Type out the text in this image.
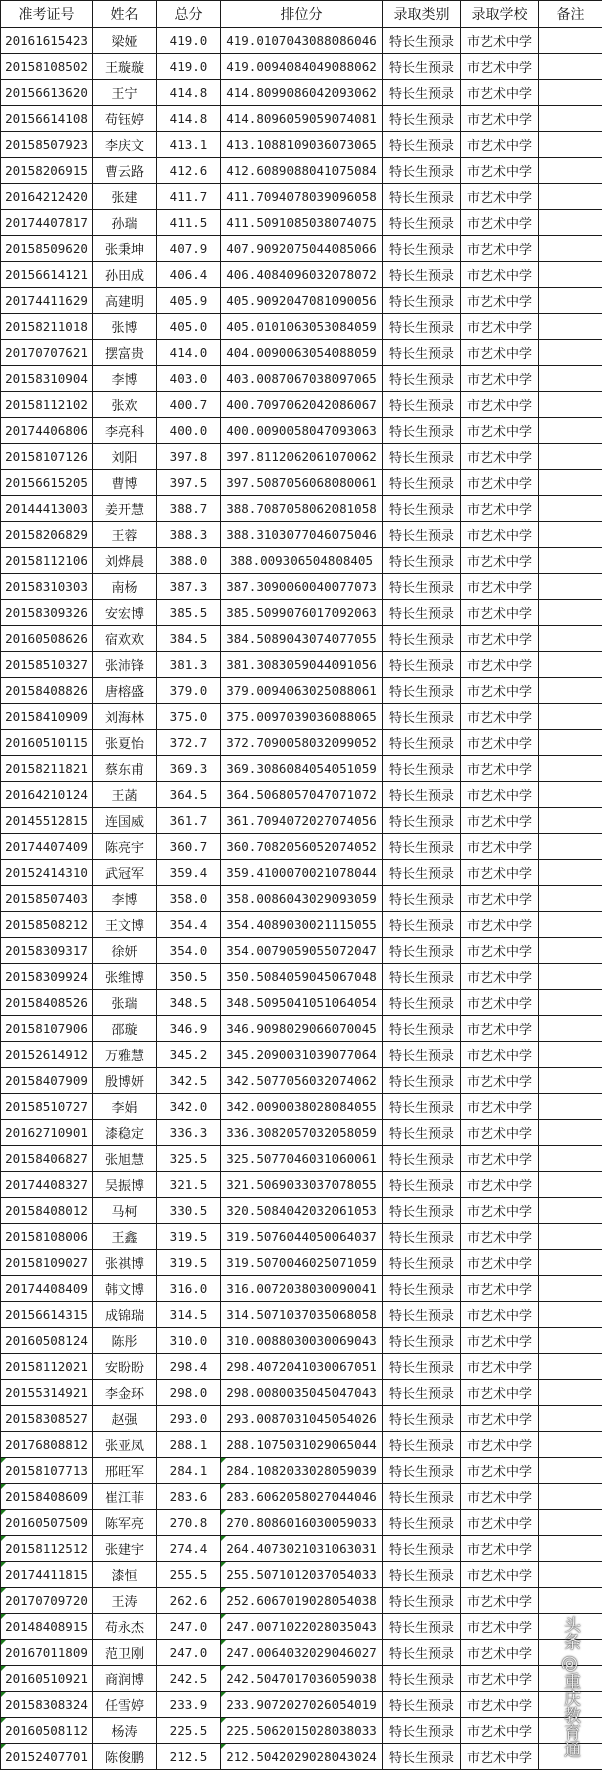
准考证号	姓名	总分	排位分	录取类别	录取学校	备注
20161615423	梁娅	419.0	419.0107043088086046	特长生预录	市艺术中学	
20158108502	王璇璇	419.0	419.0094084049088062	特长生预录	市艺术中学	
20156613620	王宁	414.8	414.8099086042093062	特长生预录	市艺术中学	
20156614108	苟钰婷	414.8	414.8096059059074081	特长生预录	市艺术中学	
20158507923	李庆文	413.1	413.1088109036073065	特长生预录	市艺术中学	
20158206915	曹云路	412.6	412.6089088041075084	特长生预录	市艺术中学	
20164212420	张建	411.7	411.7094078039096058	特长生预录	市艺术中学	
20174407817	孙瑞	411.5	411.5091085038074075	特长生预录	市艺术中学	
20158509620	张秉坤	407.9	407.9092075044085066	特长生预录	市艺术中学	
20156614121	孙田成	406.4	406.4084096032078072	特长生预录	市艺术中学	
20174411629	高建明	405.9	405.9092047081090056	特长生预录	市艺术中学	
20158211018	张博	405.0	405.0101063053084059	特长生预录	市艺术中学	
20170707621	摆富贵	414.0	404.0090063054088059	特长生预录	市艺术中学	
20158310904	李博	403.0	403.0087067038097065	特长生预录	市艺术中学	
20158112102	张欢	400.7	400.7097062042086067	特长生预录	市艺术中学	
20174406806	李亮科	400.0	400.0090058047093063	特长生预录	市艺术中学	
20158107126	刘阳	397.8	397.8112062061070062	特长生预录	市艺术中学	
20156615205	曹博	397.5	397.5087056068080061	特长生预录	市艺术中学	
20144413003	姜开慧	388.7	388.7087058062081058	特长生预录	市艺术中学	
20158206829	王蓉	388.3	388.3103077046075046	特长生预录	市艺术中学	
20158112106	刘烨晨	388.0	388.009306504808405	特长生预录	市艺术中学	
20158310303	南杨	387.3	387.3090060040077073	特长生预录	市艺术中学	
20158309326	安宏博	385.5	385.5099076017092063	特长生预录	市艺术中学	
20160508626	宿欢欢	384.5	384.5089043074077055	特长生预录	市艺术中学	
20158510327	张沛锋	381.3	381.3083059044091056	特长生预录	市艺术中学	
20158408826	唐榕盛	379.0	379.0094063025088061	特长生预录	市艺术中学	
20158410909	刘海林	375.0	375.0097039036088065	特长生预录	市艺术中学	
20160510115	张夏怡	372.7	372.7090058032099052	特长生预录	市艺术中学	
20158211821	蔡东甫	369.3	369.3086084054051059	特长生预录	市艺术中学	
20164210124	王菡	364.5	364.5068057047071072	特长生预录	市艺术中学	
20145512815	连国威	361.7	361.7094072027074056	特长生预录	市艺术中学	
20174407409	陈亮宇	360.7	360.7082056052074052	特长生预录	市艺术中学	
20152414310	武冠军	359.4	359.4100070021078044	特长生预录	市艺术中学	
20158507403	李博	358.0	358.0086043029093059	特长生预录	市艺术中学	
20158508212	王文博	354.4	354.4089030021115055	特长生预录	市艺术中学	
20158309317	徐妍	354.0	354.0079059055072047	特长生预录	市艺术中学	
20158309924	张维博	350.5	350.5084059045067048	特长生预录	市艺术中学	
20158408526	张瑞	348.5	348.5095041051064054	特长生预录	市艺术中学	
20158107906	邵璇	346.9	346.9098029066070045	特长生预录	市艺术中学	
20152614912	万雅慧	345.2	345.2090031039077064	特长生预录	市艺术中学	
20158407909	殷博妍	342.5	342.5077056032074062	特长生预录	市艺术中学	
20158510727	李娟	342.0	342.0090038028084055	特长生预录	市艺术中学	
20162710901	漆稳定	336.3	336.3082057032058059	特长生预录	市艺术中学	
20158406827	张旭慧	325.5	325.5077046031060061	特长生预录	市艺术中学	
20174408327	吴振博	321.5	321.5069033037078055	特长生预录	市艺术中学	
20158408012	马柯	330.5	320.5084042032061053	特长生预录	市艺术中学	
20158108006	王鑫	319.5	319.5076044050064037	特长生预录	市艺术中学	
20158109027	张祺博	319.5	319.5070046025071059	特长生预录	市艺术中学	
20174408409	韩文博	316.0	316.0072038030090041	特长生预录	市艺术中学	
20156614315	成锦瑞	314.5	314.5071037035068058	特长生预录	市艺术中学	
20160508124	陈彤	310.0	310.0088030030069043	特长生预录	市艺术中学	
20158112021	安盼盼	298.4	298.4072041030067051	特长生预录	市艺术中学	
20155314921	李金环	298.0	298.0080035045047043	特长生预录	市艺术中学	
20158308527	赵强	293.0	293.0087031045054026	特长生预录	市艺术中学	
20176808812	张亚凤	288.1	288.1075031029065044	特长生预录	市艺术中学	
20158107713	邢旺军	284.1	284.1082033028059039	特长生预录	市艺术中学	
20158408609	崔江菲	283.6	283.6062058027044046	特长生预录	市艺术中学	
20160507509	陈军亮	270.8	270.8086016030059033	特长生预录	市艺术中学	
20158112512	张建宇	274.4	264.4073021031063031	特长生预录	市艺术中学	
20174411815	漆恒	255.5	255.5071012037054033	特长生预录	市艺术中学	
20170709720	王涛	262.6	252.6067019028054038	特长生预录	市艺术中学	
20148408915	苟永杰	247.0	247.0071022028035043	特长生预录	市艺术中学	
20167011809	范卫刚	247.0	247.0064032029046027	特长生预录	市艺术中学	
20160510921	商润博	242.5	242.5047017036059038	特长生预录	市艺术中学	
20158308324	任雪婷	233.9	233.9072027026054019	特长生预录	市艺术中学	
20160508112	杨涛	225.5	225.5062015028038033	特长生预录	市艺术中学	
20152407701	陈俊鹏	212.5	212.5042029028043024	特长生预录	市艺术中学	
头条 @重庆教育通
